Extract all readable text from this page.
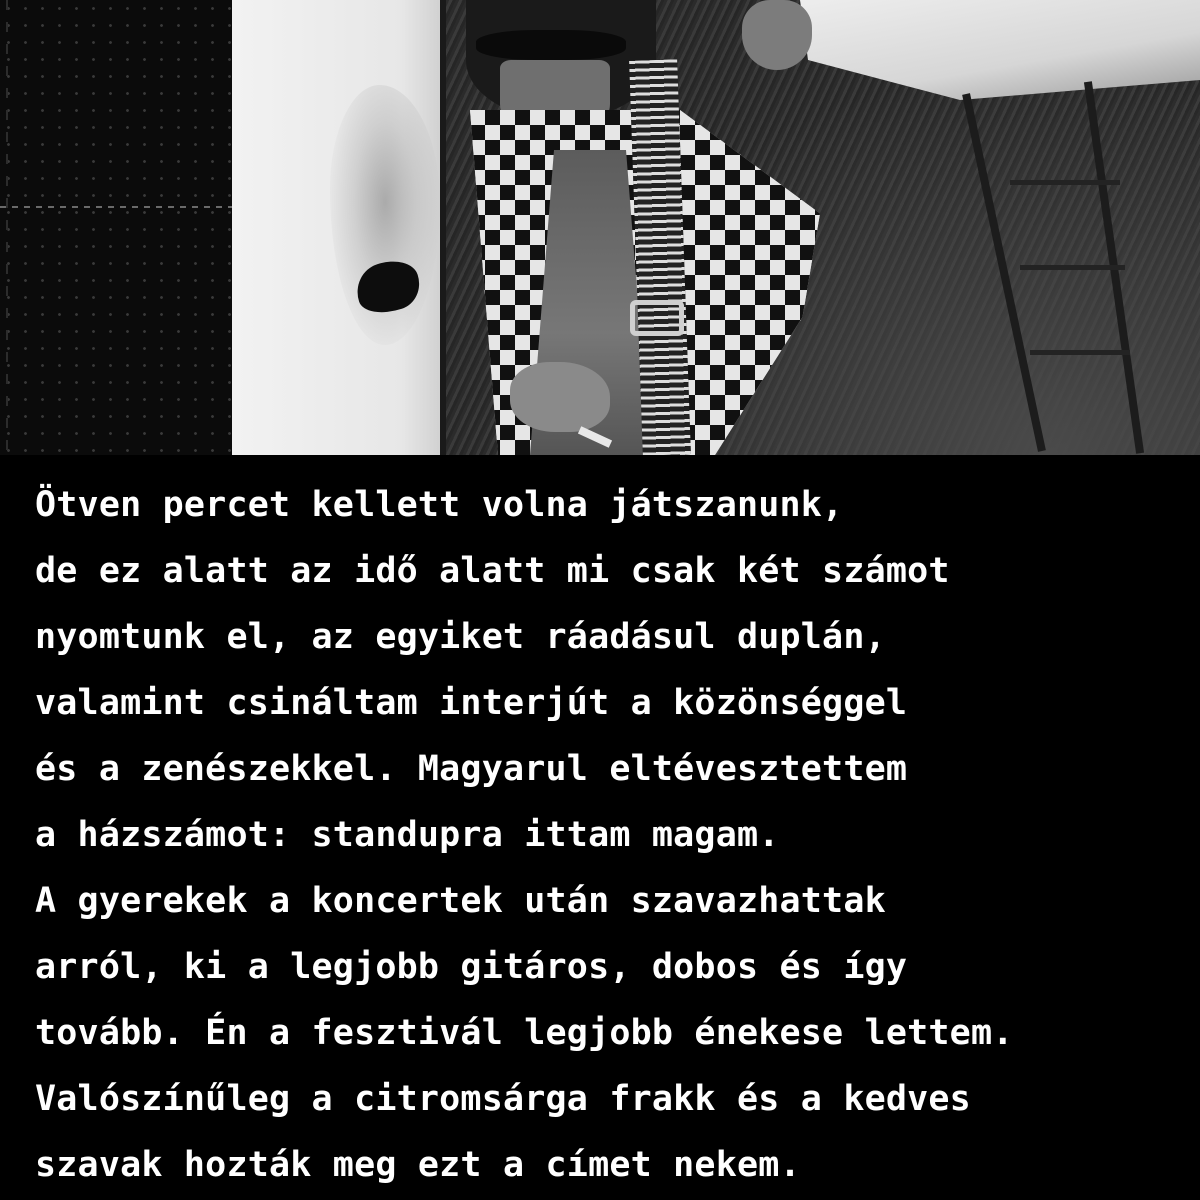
Ötven percet kellett volna játszanunk,
de ez alatt az idő alatt mi csak két számot
nyomtunk el, az egyiket ráadásul duplán,
valamint csináltam interjút a közönséggel
és a zenészekkel. Magyarul eltévesztettem
a házszámot: standupra ittam magam.
A gyerekek a koncertek után szavazhattak
arról, ki a legjobb gitáros, dobos és így
tovább. Én a fesztivál legjobb énekese lettem.
Valószínűleg a citromsárga frakk és a kedves
szavak hozták meg ezt a címet nekem.
